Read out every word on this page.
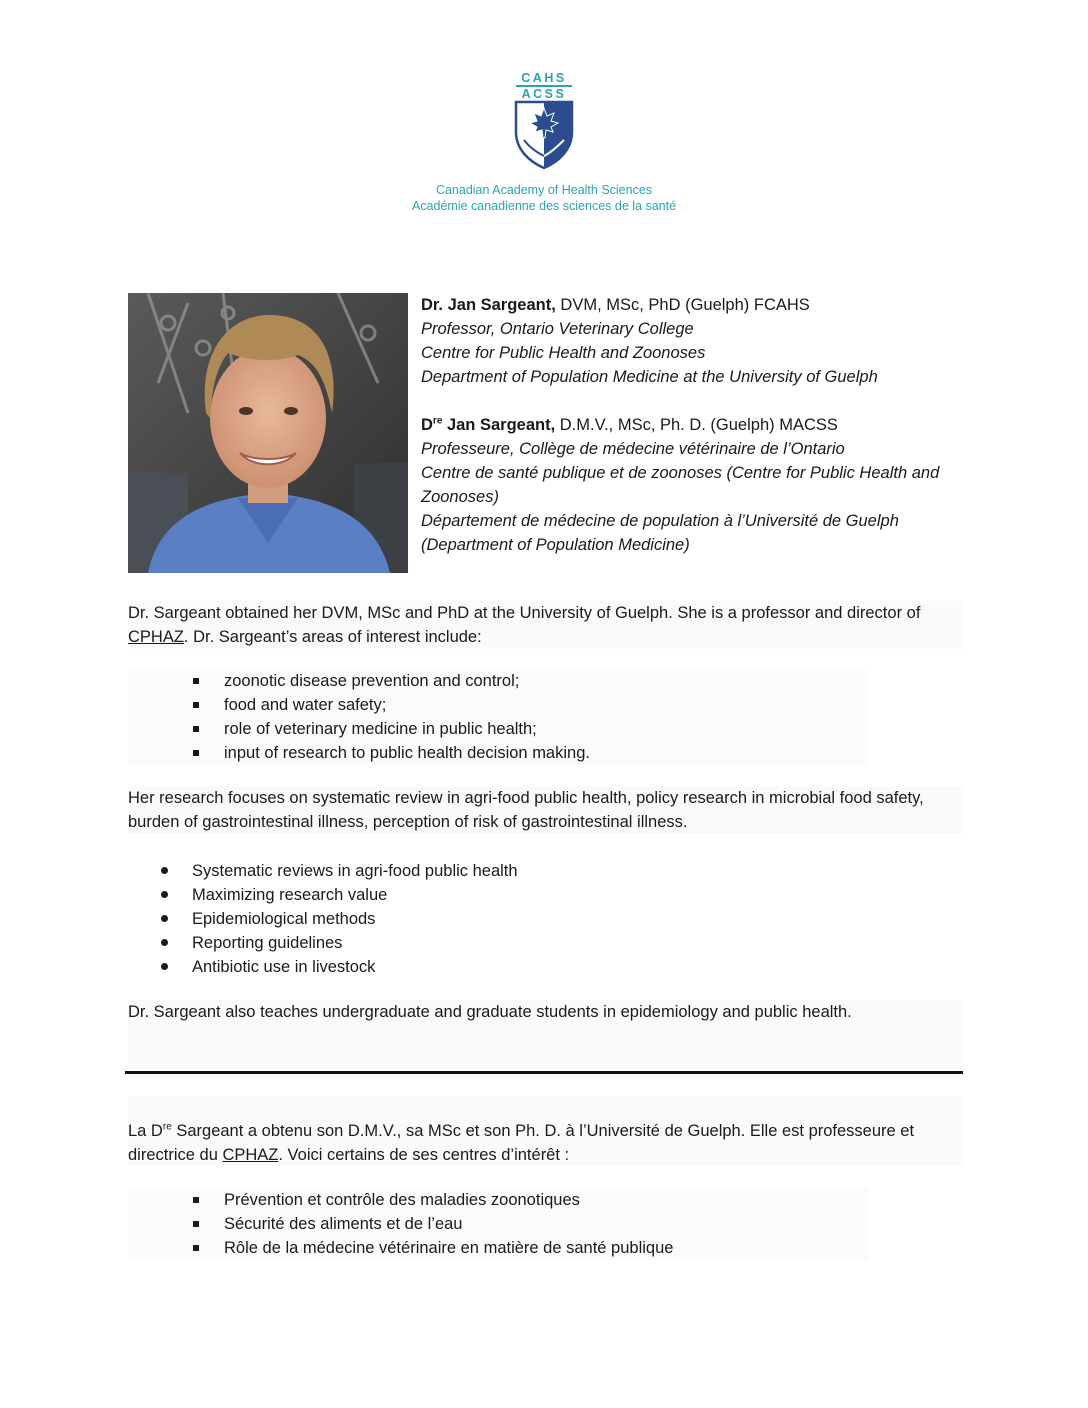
CAHS
ACSS
Canadian Academy of Health Sciences
Académie canadienne des sciences de la santé

Dr. Jan Sargeant, DVM, MSc, PhD (Guelph) FCAHS

Professor, Ontario Veterinary College

Centre for Public Health and Zoonoses

Department of Population Medicine at the University of Guelph

Dre Jan Sargeant, D.M.V., MSc, Ph. D. (Guelph) MACSS

Professeure, Collège de médecine vétérinaire de l’Ontario

Centre de santé publique et de zoonoses (Centre for Public Health and Zoonoses)

Département de médecine de population à l’Université de Guelph (Department of Population Medicine)

Dr. Sargeant obtained her DVM, MSc and PhD at the University of Guelph. She is a professor and director of CPHAZ. Dr. Sargeant’s areas of interest include:

zoonotic disease prevention and control;
food and water safety;
role of veterinary medicine in public health;
input of research to public health decision making.

Her research focuses on systematic review in agri-food public health, policy research in microbial food safety, burden of gastrointestinal illness, perception of risk of gastrointestinal illness.

Systematic reviews in agri-food public health
Maximizing research value
Epidemiological methods
Reporting guidelines
Antibiotic use in livestock

Dr. Sargeant also teaches undergraduate and graduate students in epidemiology and public health.

La Dre Sargeant a obtenu son D.M.V., sa MSc et son Ph. D. à l’Université de Guelph. Elle est professeure et directrice du CPHAZ. Voici certains de ses centres d’intérêt :

Prévention et contrôle des maladies zoonotiques
Sécurité des aliments et de l’eau
Rôle de la médecine vétérinaire en matière de santé publique
